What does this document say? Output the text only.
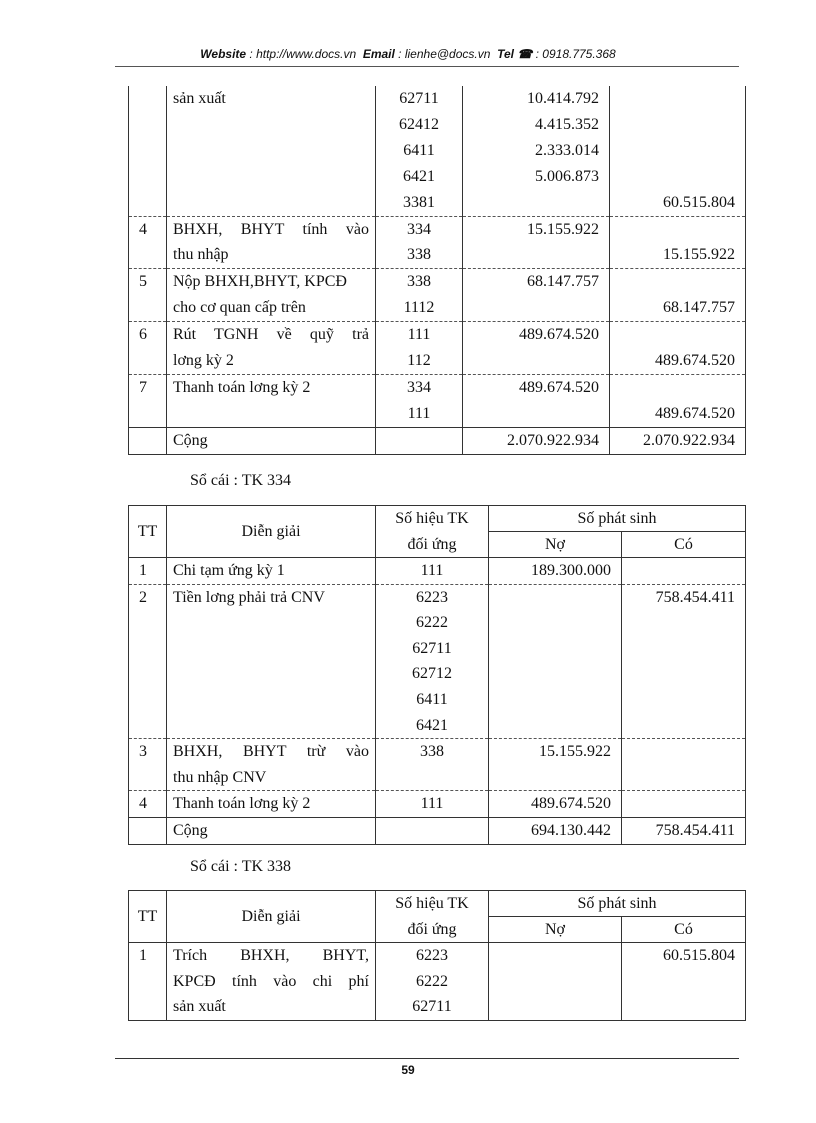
Website : http://www.docs.vn Email : lienhe@docs.vn Tel ☎ : 0918.775.368
	sản xuất	62711	10.414.792	
		62412	4.415.352	
		6411	2.333.014	
		6421	5.006.873	
		3381		60.515.804
4	BHXH, BHYT tính vào	334	15.155.922	
	thu nhập	338		15.155.922
5	Nộp BHXH,BHYT, KPCĐ	338	68.147.757	
	cho cơ quan cấp trên	1112		68.147.757
6	Rút TGNH về quỹ trả	111	489.674.520	
	lơng kỳ 2	112		489.674.520
7	Thanh toán lơng kỳ 2	334	489.674.520	
		111		489.674.520
	Cộng		2.070.922.934	2.070.922.934
Sổ cái : TK 334
TT	Diễn giải	Số hiệu TK	Số phát sinh	
		đối ứng	Nợ	Có
1	Chi tạm ứng kỳ 1	111	189.300.000	
2	Tiền lơng phải trả CNV	6223		758.454.411
		6222		
		62711		
		62712		
		6411		
		6421		
3	BHXH, BHYT trừ vào	338	15.155.922	
	thu nhập CNV			
4	Thanh toán lơng kỳ 2	111	489.674.520	
	Cộng		694.130.442	758.454.411
Sổ cái : TK 338
TT	Diễn giải	Số hiệu TK	Số phát sinh	
		đối ứng	Nợ	Có
1	Trích BHXH, BHYT,	6223		60.515.804
	KPCĐ tính vào chi phí	6222		
	sản xuất	62711		
59
